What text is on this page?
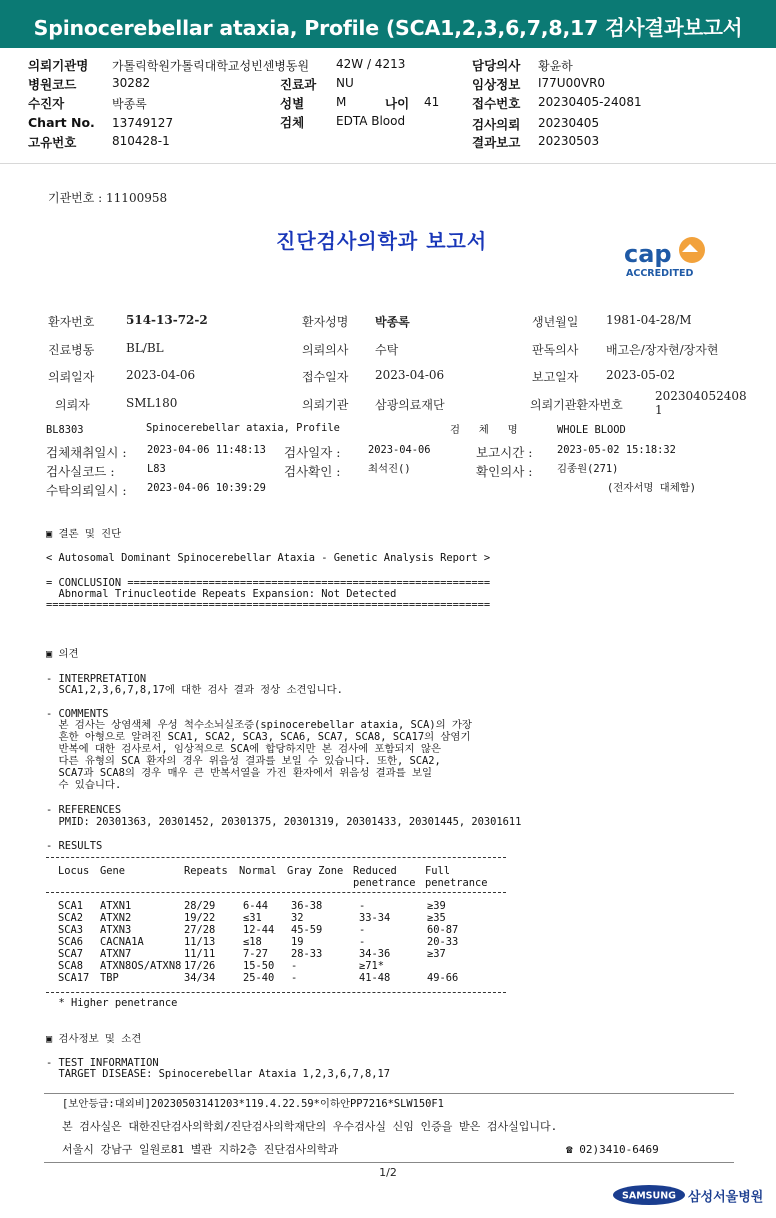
Spinocerebellar ataxia, Profile (SCA1,2,3,6,7,8,17 검사결과보고서
의뢰기관명 가톨릭학원가톨릭대학교성빈센병동원 42W / 4213	담당의사 황윤하
병원코드	30282	진료과 NU	임상정보 I77U00VR0
수진자	박종록	성별	M	나이 41	접수번호 20230405-24081
Chart No. 13749127	검체	EDTA Blood	검사의뢰 20230405
고유번호	810428-1	결과보고 20230503
기관번호 : 11100958
진단검사의학과 보고서	cap
ACCREDITED
환자번호	514-13-72-2	환자성명 박종록	생년월일 1981-04-28/M
진료병동	BL/BL	의뢰의사 수탁	판독의사 배고은/장자현/장자현
의뢰일자	2023-04-06	접수일자 2023-04-06	보고일자 2023-05-02
의뢰자	SML180	의뢰기관 삼광의료재단	의뢰기관환자번호
202304052408
1
BL8303	Spinocerebellar ataxia, Profile	검   체   명	WHOLE BLOOD
검체채취일시 : 2023-04-06 11:48:13 검사일자 :	2023-04-06	보고시간 : 2023-05-02 15:18:32
검사실코드 :	L83	검사확인 :	최석진()	확인의사 : 김종원(271)
수탁의뢰일시 : 2023-04-06 10:39:29	(전자서명 대체함)
▣ 결론 및 진단
< Autosomal Dominant Spinocerebellar Ataxia - Genetic Analysis Report >
= CONCLUSION ==========================================================
Abnormal Trinucleotide Repeats Expansion: Not Detected
=======================================================================
▣ 의견
- INTERPRETATION
SCA1,2,3,6,7,8,17에 대한 검사 결과 정상 소견입니다.
- COMMENTS
본 검사는 상염색체 우성 척수소뇌실조증(spinocerebellar ataxia, SCA)의 가장
흔한 아형으로 알려진 SCA1, SCA2, SCA3, SCA6, SCA7, SCA8, SCA17의 삼염기
반복에 대한 검사로서, 임상적으로 SCA에 합당하지만 본 검사에 포함되지 않은
다른 유형의 SCA 환자의 경우 위음성 결과를 보일 수 있습니다. 또한, SCA2,
SCA7과 SCA8의 경우 매우 큰 반복서열을 가진 환자에서 위음성 결과를 보일
수 있습니다.
- REFERENCES
PMID: 20301363, 20301452, 20301375, 20301319, 20301433, 20301445, 20301611
- RESULTS
Locus Gene	Repeats Normal Gray Zone Reduced	Full
penetrance penetrance
SCA1 ATXN1	28/29	6-44 36-38	-	≥39
SCA2 ATXN2	19/22	≤31	32	33-34	≥35
SCA3 ATXN3	27/28	12-44 45-59	-	60-87
SCA6 CACNA1A	11/13	≤18	19	-	20-33
SCA7 ATXN7	11/11	7-27 28-33	34-36	≥37
SCA8 ATXN8OS/ATXN8 17/26	15-50 -	≥71*
SCA17 TBP	34/34	25-40 -	41-48	49-66
* Higher penetrance
▣ 검사정보 및 소견
- TEST INFORMATION
TARGET DISEASE: Spinocerebellar Ataxia 1,2,3,6,7,8,17
[보안등급:대외비]20230503141203*119.4.22.59*이하안PP7216*SLW150F1
본 검사실은 대한진단검사의학회/진단검사의학재단의 우수검사실 신임 인증을 받은 검사실입니다.
서울시 강남구 일원로81 별관 지하2층 진단검사의학과	☎ 02)3410-6469
1/2
SAMSUNG 삼성서울병원
